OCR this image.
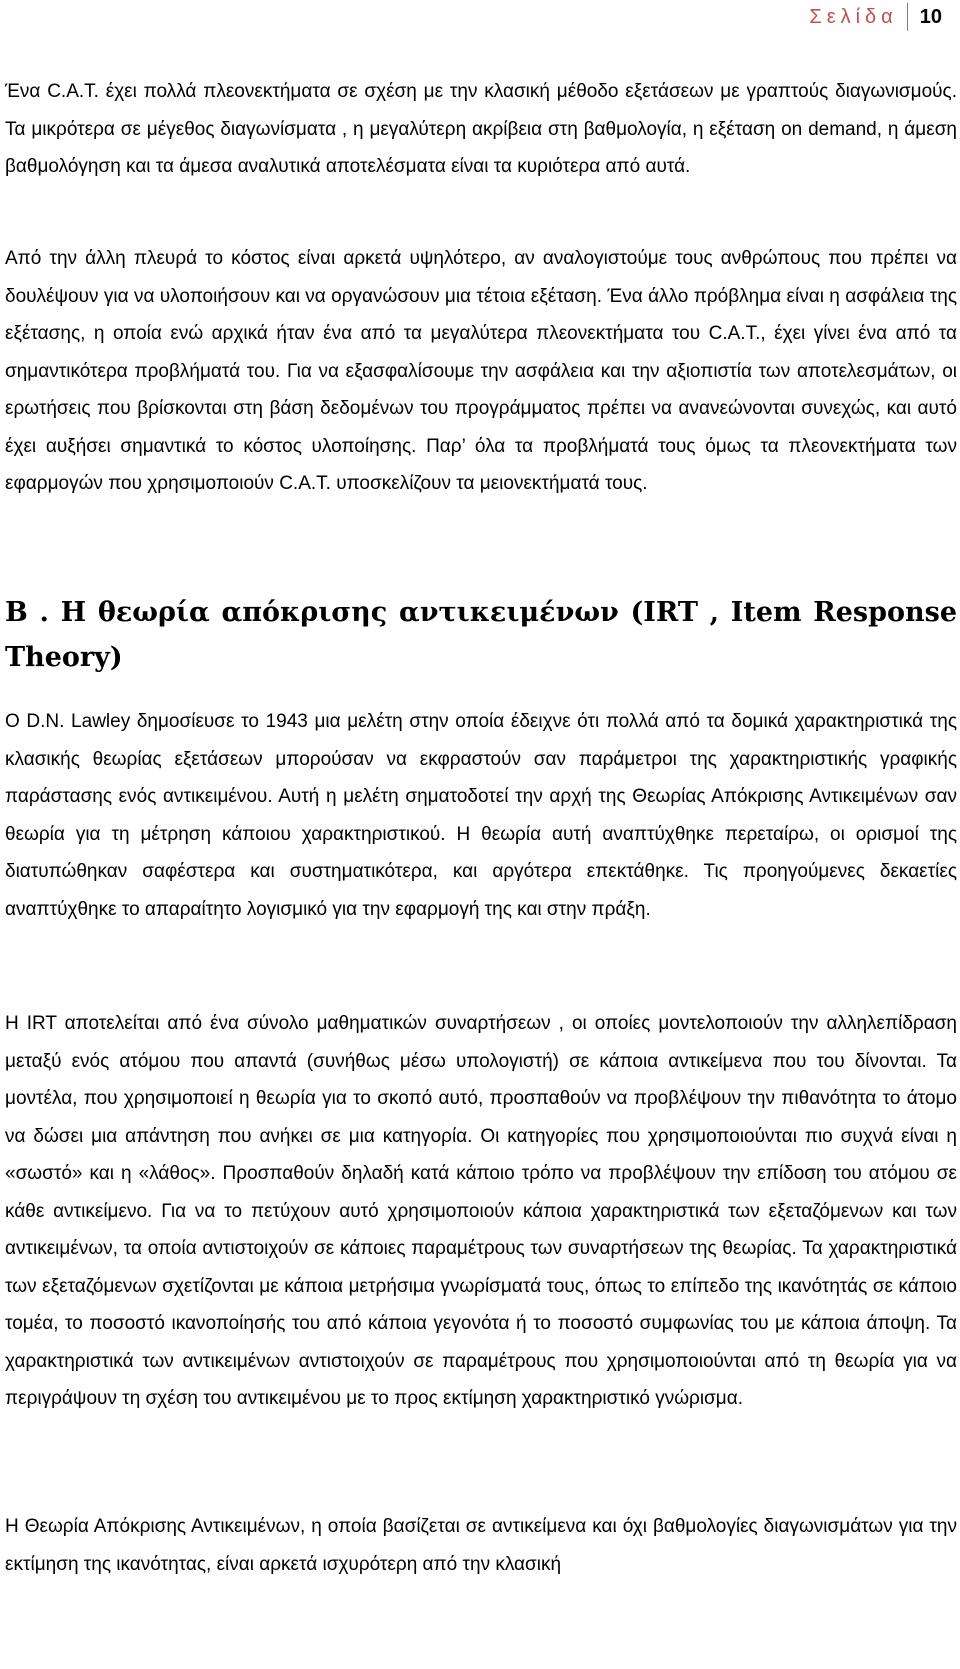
Σελίδα	10

Ένα C.A.T. έχει πολλά πλεονεκτήματα σε σχέση με την κλασική μέθοδο εξετάσεων με γραπτούς διαγωνισμούς. Τα μικρότερα σε μέγεθος διαγωνίσματα , η μεγαλύτερη ακρίβεια στη βαθμολογία, η εξέταση on demand, η άμεση βαθμολόγηση και τα άμεσα αναλυτικά αποτελέσματα είναι τα κυριότερα από αυτά.

Από την άλλη πλευρά το κόστος είναι αρκετά υψηλότερο, αν αναλογιστούμε τους ανθρώπους που πρέπει να δουλέψουν για να υλοποιήσουν και να οργανώσουν μια τέτοια εξέταση. Ένα άλλο πρόβλημα είναι η ασφάλεια της εξέτασης, η οποία ενώ αρχικά ήταν ένα από τα μεγαλύτερα πλεονεκτήματα του C.A.T., έχει γίνει ένα από τα σημαντικότερα προβλήματά του. Για να εξασφαλίσουμε την ασφάλεια και την αξιοπιστία των αποτελεσμάτων, οι ερωτήσεις που βρίσκονται στη βάση δεδομένων του προγράμματος πρέπει να ανανεώνονται συνεχώς, και αυτό έχει αυξήσει σημαντικά το κόστος υλοποίησης. Παρ’ όλα τα προβλήματά τους όμως τα πλεονεκτήματα των εφαρμογών που χρησιμοποιούν C.A.T. υποσκελίζουν τα μειονεκτήματά τους.

Β . Η θεωρία απόκρισης αντικειμένων (IRT , Item Response Theory)

Ο D.N. Lawley δημοσίευσε το 1943 μια μελέτη στην οποία έδειχνε ότι πολλά από τα δομικά χαρακτηριστικά της κλασικής θεωρίας εξετάσεων μπορούσαν να εκφραστούν σαν παράμετροι της χαρακτηριστικής γραφικής παράστασης ενός αντικειμένου. Αυτή η μελέτη σηματοδοτεί την αρχή της Θεωρίας Απόκρισης Αντικειμένων σαν θεωρία για τη μέτρηση κάποιου χαρακτηριστικού. Η θεωρία αυτή αναπτύχθηκε περεταίρω, οι ορισμοί της διατυπώθηκαν σαφέστερα και συστηματικότερα, και αργότερα επεκτάθηκε. Τις προηγούμενες δεκαετίες αναπτύχθηκε το απαραίτητο λογισμικό για την εφαρμογή της και στην πράξη.

Η IRT αποτελείται από ένα σύνολο μαθηματικών συναρτήσεων , οι οποίες μοντελοποιούν την αλληλεπίδραση μεταξύ ενός ατόμου που απαντά (συνήθως μέσω υπολογιστή) σε κάποια αντικείμενα που του δίνονται. Τα μοντέλα, που χρησιμοποιεί η θεωρία για το σκοπό αυτό, προσπαθούν να προβλέψουν την πιθανότητα το άτομο να δώσει μια απάντηση που ανήκει σε μια κατηγορία. Οι κατηγορίες που χρησιμοποιούνται πιο συχνά είναι η «σωστό» και η «λάθος». Προσπαθούν δηλαδή κατά κάποιο τρόπο να προβλέψουν την επίδοση του ατόμου σε κάθε αντικείμενο. Για να το πετύχουν αυτό χρησιμοποιούν κάποια χαρακτηριστικά των εξεταζόμενων και των αντικειμένων, τα οποία αντιστοιχούν σε κάποιες παραμέτρους των συναρτήσεων της θεωρίας. Τα χαρακτηριστικά των εξεταζόμενων σχετίζονται με κάποια μετρήσιμα γνωρίσματά τους, όπως το επίπεδο της ικανότητάς σε κάποιο τομέα, το ποσοστό ικανοποίησής του από κάποια γεγονότα ή το ποσοστό συμφωνίας του με κάποια άποψη. Τα χαρακτηριστικά των αντικειμένων αντιστοιχούν σε παραμέτρους που χρησιμοποιούνται από τη θεωρία για να περιγράψουν τη σχέση του αντικειμένου με το προς εκτίμηση χαρακτηριστικό γνώρισμα.

Η Θεωρία Απόκρισης Αντικειμένων, η οποία βασίζεται σε αντικείμενα και όχι βαθμολογίες διαγωνισμάτων για την εκτίμηση της ικανότητας, είναι αρκετά ισχυρότερη από την κλασική
